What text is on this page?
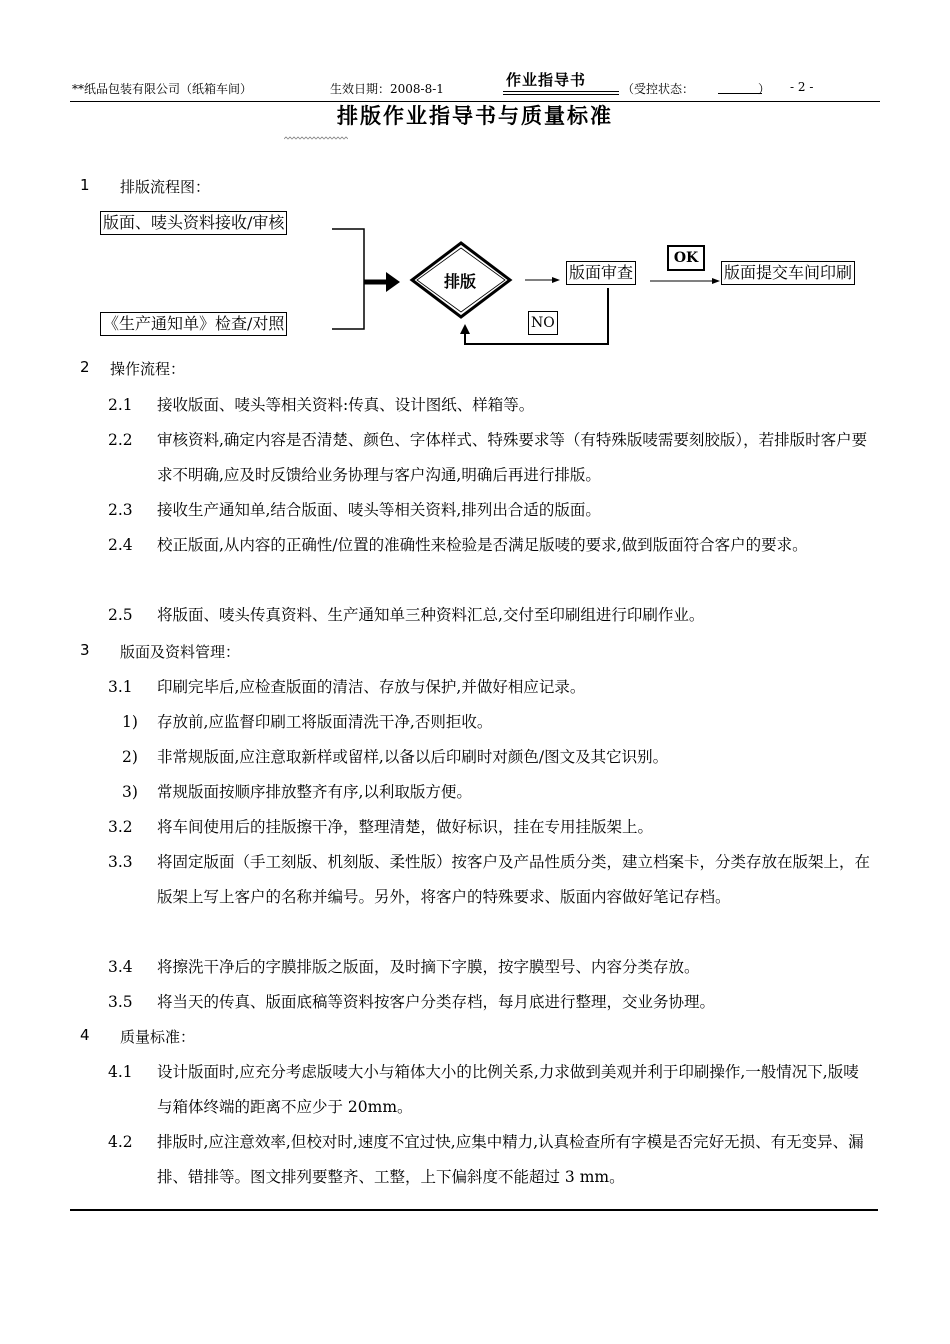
**纸品包装有限公司（纸箱车间）	生效日期：2008-8-1	作业指导书	（受控状态：	） - 2 -
排版作业指导书与质量标准
1 排版流程图：
版面、唛头资料接收/审核
《生产通知单》检查/对照
排版	版面审查
OK
版面提交车间印刷
NO
2 操作流程：
2.1 接收版面、唛头等相关资料:传真、设计图纸、样箱等。
2.2 审核资料,确定内容是否清楚、颜色、字体样式、特殊要求等（有特殊版唛需要刻胶版），若排版时客户要求不明确,应及时反馈给业务协理与客户沟通,明确后再进行排版。
2.3 接收生产通知单,结合版面、唛头等相关资料,排列出合适的版面。
2.4 校正版面,从内容的正确性/位置的准确性来检验是否满足版唛的要求,做到版面符合客户的要求。
2.5 将版面、唛头传真资料、生产通知单三种资料汇总,交付至印刷组进行印刷作业。
3 版面及资料管理：
3.1 印刷完毕后,应检查版面的清洁、存放与保护,并做好相应记录。
1) 存放前,应监督印刷工将版面清洗干净,否则拒收。
2) 非常规版面,应注意取新样或留样,以备以后印刷时对颜色/图文及其它识别。
3) 常规版面按顺序排放整齐有序,以利取版方便。
3.2 将车间使用后的挂版擦干净，整理清楚，做好标识，挂在专用挂版架上。
3.3 将固定版面（手工刻版、机刻版、柔性版）按客户及产品性质分类，建立档案卡，分类存放在版架上，在版架上写上客户的名称并编号。另外，将客户的特殊要求、版面内容做好笔记存档。
3.4 将擦洗干净后的字膜排版之版面，及时摘下字膜，按字膜型号、内容分类存放。
3.5 将当天的传真、版面底稿等资料按客户分类存档，每月底进行整理，交业务协理。
4 质量标准：
4.1 设计版面时,应充分考虑版唛大小与箱体大小的比例关系,力求做到美观并利于印刷操作,一般情况下,版唛与箱体终端的距离不应少于 20mm。
4.2 排版时,应注意效率,但校对时,速度不宜过快,应集中精力,认真检查所有字模是否完好无损、有无变异、漏排、错排等。图文排列要整齐、工整，上下偏斜度不能超过 3 mm。
